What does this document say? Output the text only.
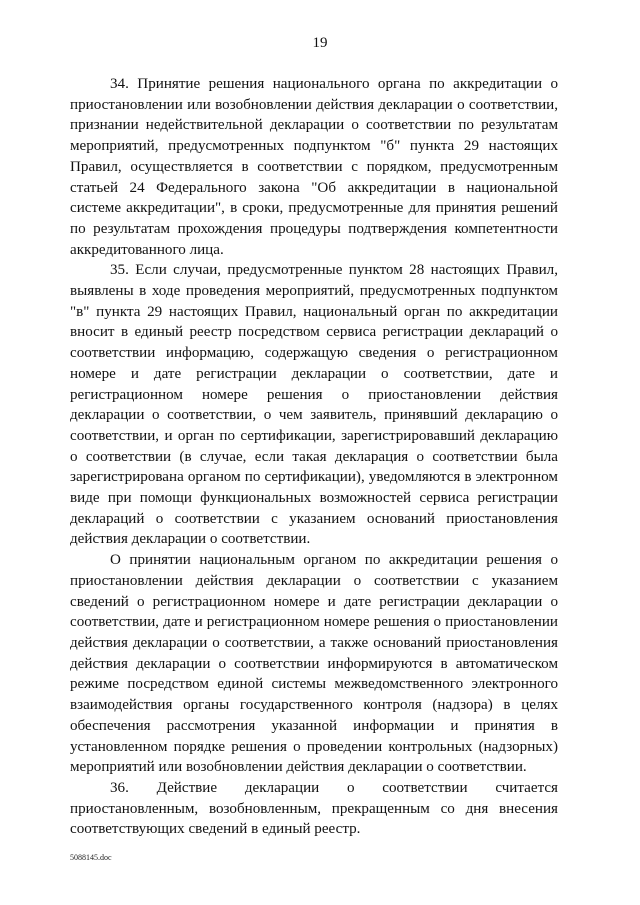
19

34. Принятие решения национального органа по аккредитации о приостановлении или возобновлении действия декларации о соответствии, признании недействительной декларации о соответствии по результатам мероприятий, предусмотренных подпунктом "б" пункта 29 настоящих Правил, осуществляется в соответствии с порядком, предусмотренным статьей 24 Федерального закона "Об аккредитации в национальной системе аккредитации", в сроки, предусмотренные для принятия решений по результатам прохождения процедуры подтверждения компетентности аккредитованного лица.

35. Если случаи, предусмотренные пунктом 28 настоящих Правил, выявлены в ходе проведения мероприятий, предусмотренных подпунктом "в" пункта 29 настоящих Правил, национальный орган по аккредитации вносит в единый реестр посредством сервиса регистрации деклараций о соответствии информацию, содержащую сведения о регистрационном номере и дате регистрации декларации о соответствии, дате и регистрационном номере решения о приостановлении действия декларации о соответствии, о чем заявитель, принявший декларацию о соответствии, и орган по сертификации, зарегистрировавший декларацию о соответствии (в случае, если такая декларация о соответствии была зарегистрирована органом по сертификации), уведомляются в электронном виде при помощи функциональных возможностей сервиса регистрации деклараций о соответствии с указанием оснований приостановления действия декларации о соответствии.

О принятии национальным органом по аккредитации решения о приостановлении действия декларации о соответствии с указанием сведений о регистрационном номере и дате регистрации декларации о соответствии, дате и регистрационном номере решения о приостановлении действия декларации о соответствии, а также оснований приостановления действия декларации о соответствии информируются в автоматическом режиме посредством единой системы межведомственного электронного взаимодействия органы государственного контроля (надзора) в целях обеспечения рассмотрения указанной информации и принятия в установленном порядке решения о проведении контрольных (надзорных) мероприятий или возобновлении действия декларации о соответствии.

36. Действие декларации о соответствии считается приостановленным, возобновленным, прекращенным со дня внесения соответствующих сведений в единый реестр.

5088145.doc
